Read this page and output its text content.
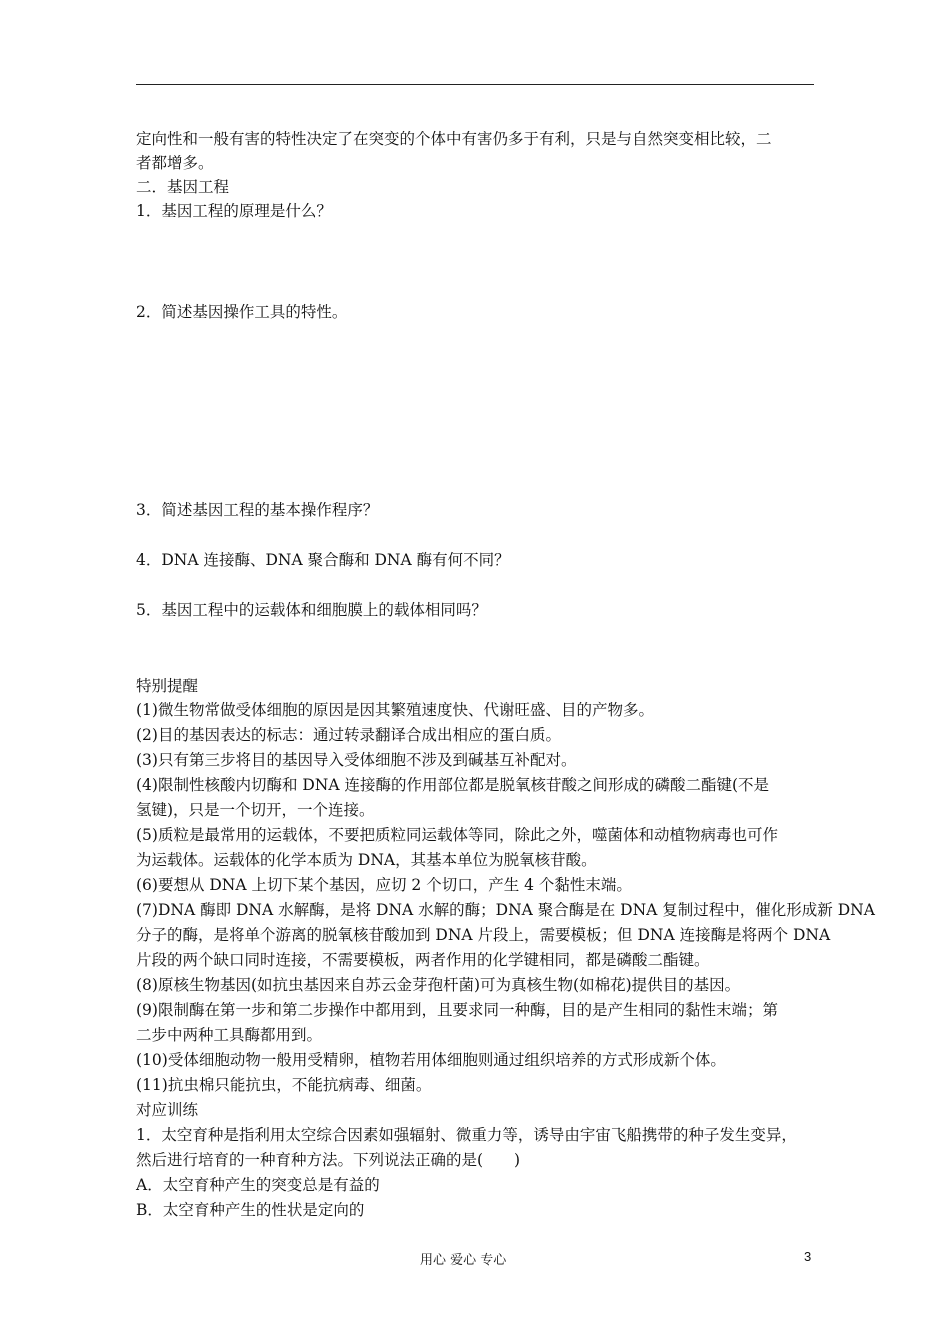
定向性和一般有害的特性决定了在突变的个体中有害仍多于有利，只是与自然突变相比较，二
者都增多。
二．基因工程
1．基因工程的原理是什么？
2．简述基因操作工具的特性。
3．简述基因工程的基本操作程序？
4．DNA 连接酶、DNA 聚合酶和 DNA 酶有何不同？
5．基因工程中的运载体和细胞膜上的载体相同吗？
特别提醒
(1)微生物常做受体细胞的原因是因其繁殖速度快、代谢旺盛、目的产物多。
(2)目的基因表达的标志：通过转录翻译合成出相应的蛋白质。
(3)只有第三步将目的基因导入受体细胞不涉及到碱基互补配对。
(4)限制性核酸内切酶和 DNA 连接酶的作用部位都是脱氧核苷酸之间形成的磷酸二酯键(不是
氢键)，只是一个切开，一个连接。
(5)质粒是最常用的运载体，不要把质粒同运载体等同，除此之外，噬菌体和动植物病毒也可作
为运载体。运载体的化学本质为 DNA，其基本单位为脱氧核苷酸。
(6)要想从 DNA 上切下某个基因，应切 2 个切口，产生 4 个黏性末端。
(7)DNA 酶即 DNA 水解酶，是将 DNA 水解的酶；DNA 聚合酶是在 DNA 复制过程中，催化形成新 DNA
分子的酶，是将单个游离的脱氧核苷酸加到 DNA 片段上，需要模板；但 DNA 连接酶是将两个 DNA
片段的两个缺口同时连接，不需要模板，两者作用的化学键相同，都是磷酸二酯键。
(8)原核生物基因(如抗虫基因来自苏云金芽孢杆菌)可为真核生物(如棉花)提供目的基因。
(9)限制酶在第一步和第二步操作中都用到，且要求同一种酶，目的是产生相同的黏性末端；第
二步中两种工具酶都用到。
(10)受体细胞动物一般用受精卵，植物若用体细胞则通过组织培养的方式形成新个体。
(11)抗虫棉只能抗虫，不能抗病毒、细菌。
对应训练
1．太空育种是指利用太空综合因素如强辐射、微重力等，诱导由宇宙飞船携带的种子发生变异，
然后进行培育的一种育种方法。下列说法正确的是(　　)
A．太空育种产生的突变总是有益的
B．太空育种产生的性状是定向的
用心 爱心 专心	3
